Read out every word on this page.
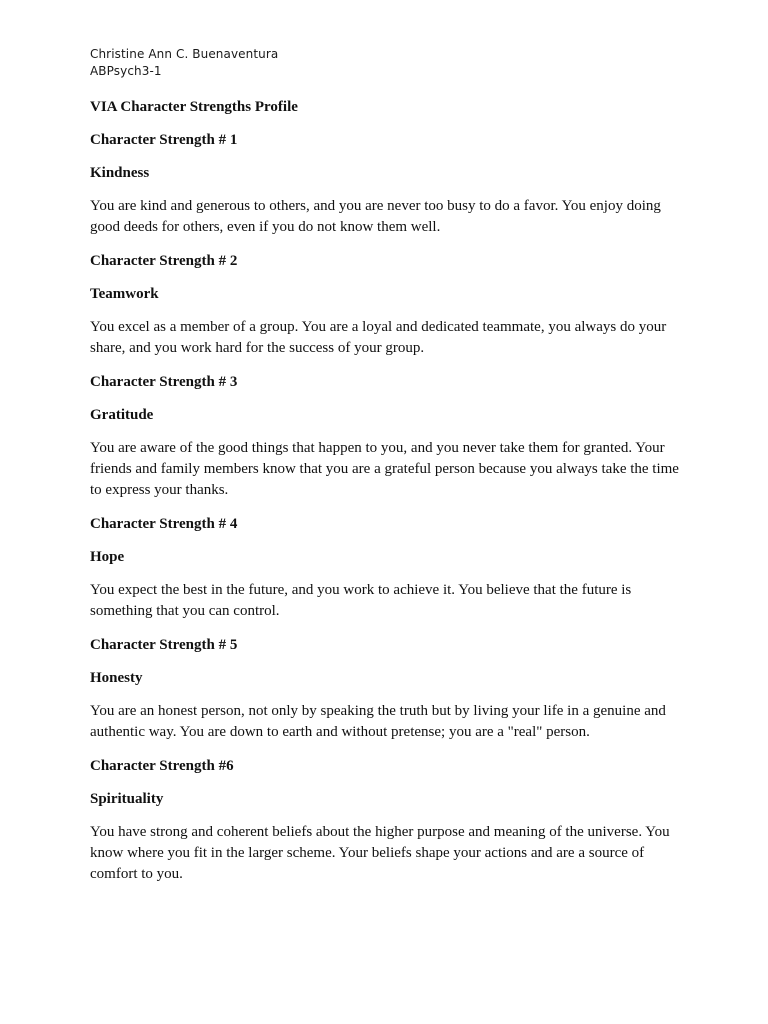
Christine Ann C. Buenaventura
ABPsych3-1
VIA Character Strengths Profile
Character Strength # 1
Kindness
You are kind and generous to others, and you are never too busy to do a favor. You enjoy doing good deeds for others, even if you do not know them well.
Character Strength # 2
Teamwork
You excel as a member of a group. You are a loyal and dedicated teammate, you always do your share, and you work hard for the success of your group.
Character Strength # 3
Gratitude
You are aware of the good things that happen to you, and you never take them for granted. Your friends and family members know that you are a grateful person because you always take the time to express your thanks.
Character Strength # 4
Hope
You expect the best in the future, and you work to achieve it. You believe that the future is something that you can control.
Character Strength # 5
Honesty
You are an honest person, not only by speaking the truth but by living your life in a genuine and authentic way. You are down to earth and without pretense; you are a "real" person.
Character Strength #6
Spirituality
You have strong and coherent beliefs about the higher purpose and meaning of the universe. You know where you fit in the larger scheme. Your beliefs shape your actions and are a source of comfort to you.
